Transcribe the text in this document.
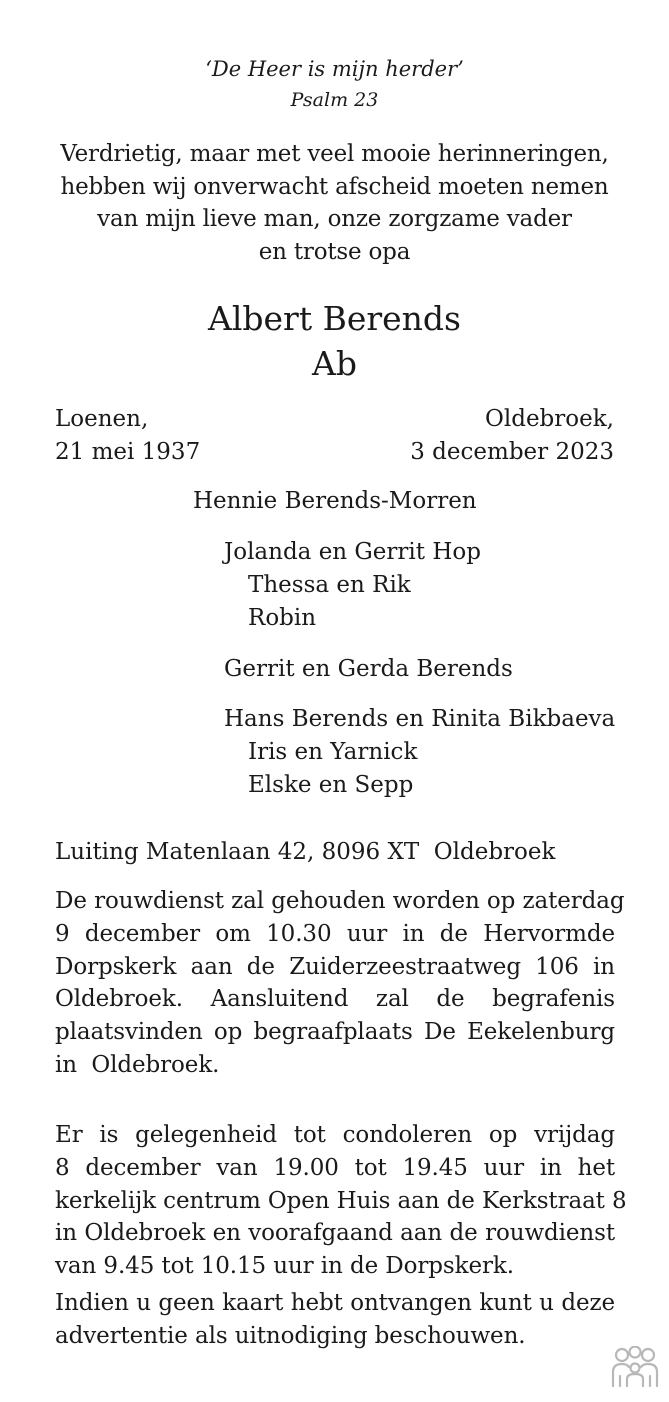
‘De Heer is mijn herder’
Psalm 23
Verdrietig, maar met veel mooie herinneringen,
hebben wij onverwacht afscheid moeten nemen
van mijn lieve man, onze zorgzame vader
en trotse opa
Albert Berends
Ab
Loenen,
21 mei 1937
Oldebroek,
3 december 2023
Hennie Berends-Morren
Jolanda en Gerrit Hop
Thessa en Rik
Robin
Gerrit en Gerda Berends
Hans Berends en Rinita Bikbaeva
Iris en Yarnick
Elske en Sepp
Luiting Matenlaan 42, 8096 XT  Oldebroek
De rouwdienst zal gehouden worden op zaterdag
9 december om 10.30 uur in de Hervormde
Dorpskerk aan de Zuiderzeestraatweg 106 in
Oldebroek. Aansluitend zal de begrafenis
plaatsvinden op begraafplaats De Eekelenburg
in  Oldebroek.
Er is gelegenheid tot condoleren op vrijdag
8 december van 19.00 tot 19.45 uur in het
kerkelijk centrum Open Huis aan de Kerkstraat 8
in Oldebroek en voorafgaand aan de rouwdienst
van 9.45 tot 10.15 uur in de Dorpskerk.
Indien u geen kaart hebt ontvangen kunt u deze
advertentie als uitnodiging beschouwen.
